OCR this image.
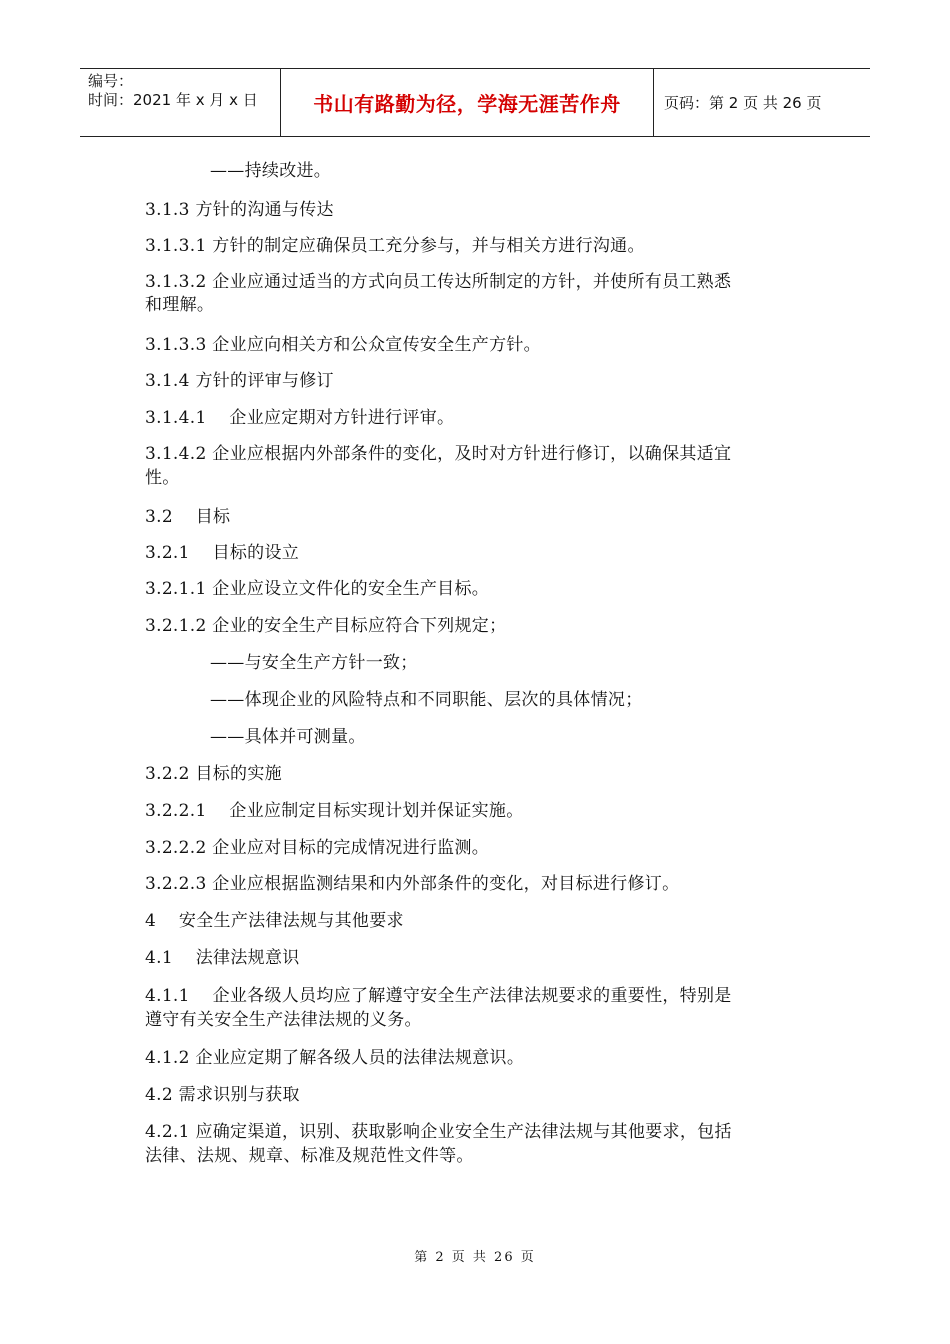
编号：
时间：2021 年 x 月 x 日	书山有路勤为径，学海无涯苦作舟	页码：第 2 页 共 26 页
——持续改进。
3.1.3 方针的沟通与传达
3.1.3.1 方针的制定应确保员工充分参与，并与相关方进行沟通。
3.1.3.2 企业应通过适当的方式向员工传达所制定的方针，并使所有员工熟悉
和理解。
3.1.3.3 企业应向相关方和公众宣传安全生产方针。
3.1.4 方针的评审与修订
3.1.4.1    企业应定期对方针进行评审。
3.1.4.2 企业应根据内外部条件的变化，及时对方针进行修订，以确保其适宜
性。
3.2    目标
3.2.1    目标的设立
3.2.1.1 企业应设立文件化的安全生产目标。
3.2.1.2 企业的安全生产目标应符合下列规定；
——与安全生产方针一致；
——体现企业的风险特点和不同职能、层次的具体情况；
——具体并可测量。
3.2.2 目标的实施
3.2.2.1    企业应制定目标实现计划并保证实施。
3.2.2.2 企业应对目标的完成情况进行监测。
3.2.2.3 企业应根据监测结果和内外部条件的变化，对目标进行修订。
4    安全生产法律法规与其他要求
4.1    法律法规意识
4.1.1    企业各级人员均应了解遵守安全生产法律法规要求的重要性，特别是
遵守有关安全生产法律法规的义务。
4.1.2 企业应定期了解各级人员的法律法规意识。
4.2 需求识别与获取
4.2.1 应确定渠道，识别、获取影响企业安全生产法律法规与其他要求，包括
法律、法规、规章、标准及规范性文件等。
第 2 页 共 26 页
